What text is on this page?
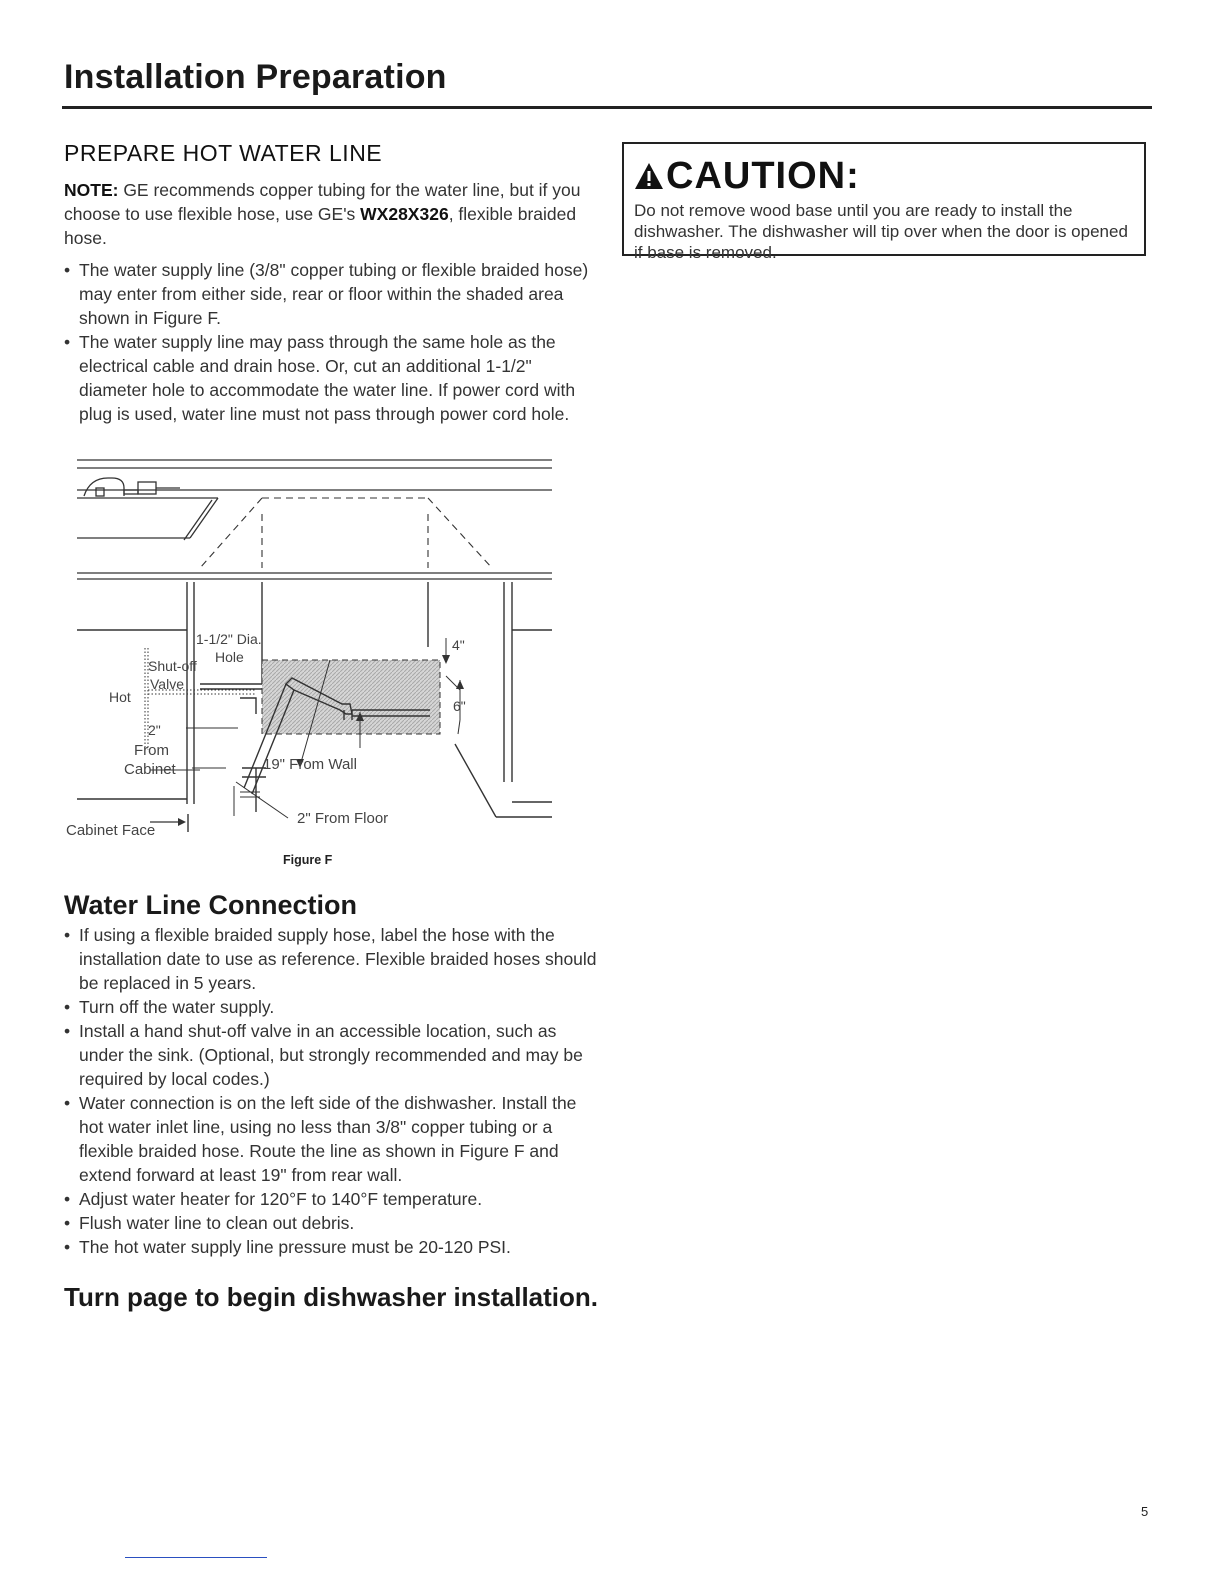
Installation Preparation
PREPARE HOT WATER LINE
NOTE: GE recommends copper tubing for the water line, but if you choose to use flexible hose, use GE's WX28X326, flexible braided hose.
• The water supply line (3/8" copper tubing or flexible braided hose) may enter from either side, rear or floor within the shaded area shown in Figure F.
• The water supply line may pass through the same hole as the electrical cable and drain hose. Or, cut an additional 1-1/2" diameter hole to accommodate the water line. If power cord with plug is used, water line must not pass through power cord hole.
1-1/2" Dia.
Hole
Shut-off
Valve
Hot
2"
From
Cabinet
4"
6"
19" From Wall
2" From Floor
Cabinet Face
Figure F
Water Line Connection
• If using a flexible braided supply hose, label the hose with the installation date to use as reference. Flexible braided hoses should be replaced in 5 years.
• Turn off the water supply.
• Install a hand shut-off valve in an accessible location, such as under the sink. (Optional, but strongly recommended and may be required by local codes.)
• Water connection is on the left side of the dishwasher. Install the hot water inlet line, using no less than 3/8" copper tubing or a flexible braided hose. Route the line as shown in Figure F and extend forward at least 19" from rear wall.
• Adjust water heater for 120°F to 140°F temperature.
• Flush water line to clean out debris.
• The hot water supply line pressure must be 20-120 PSI.

Turn page to begin dishwasher installation.

CAUTION:
Do not remove wood base until you are ready to install the dishwasher. The dishwasher will tip over when the door is opened if base is removed.
5
